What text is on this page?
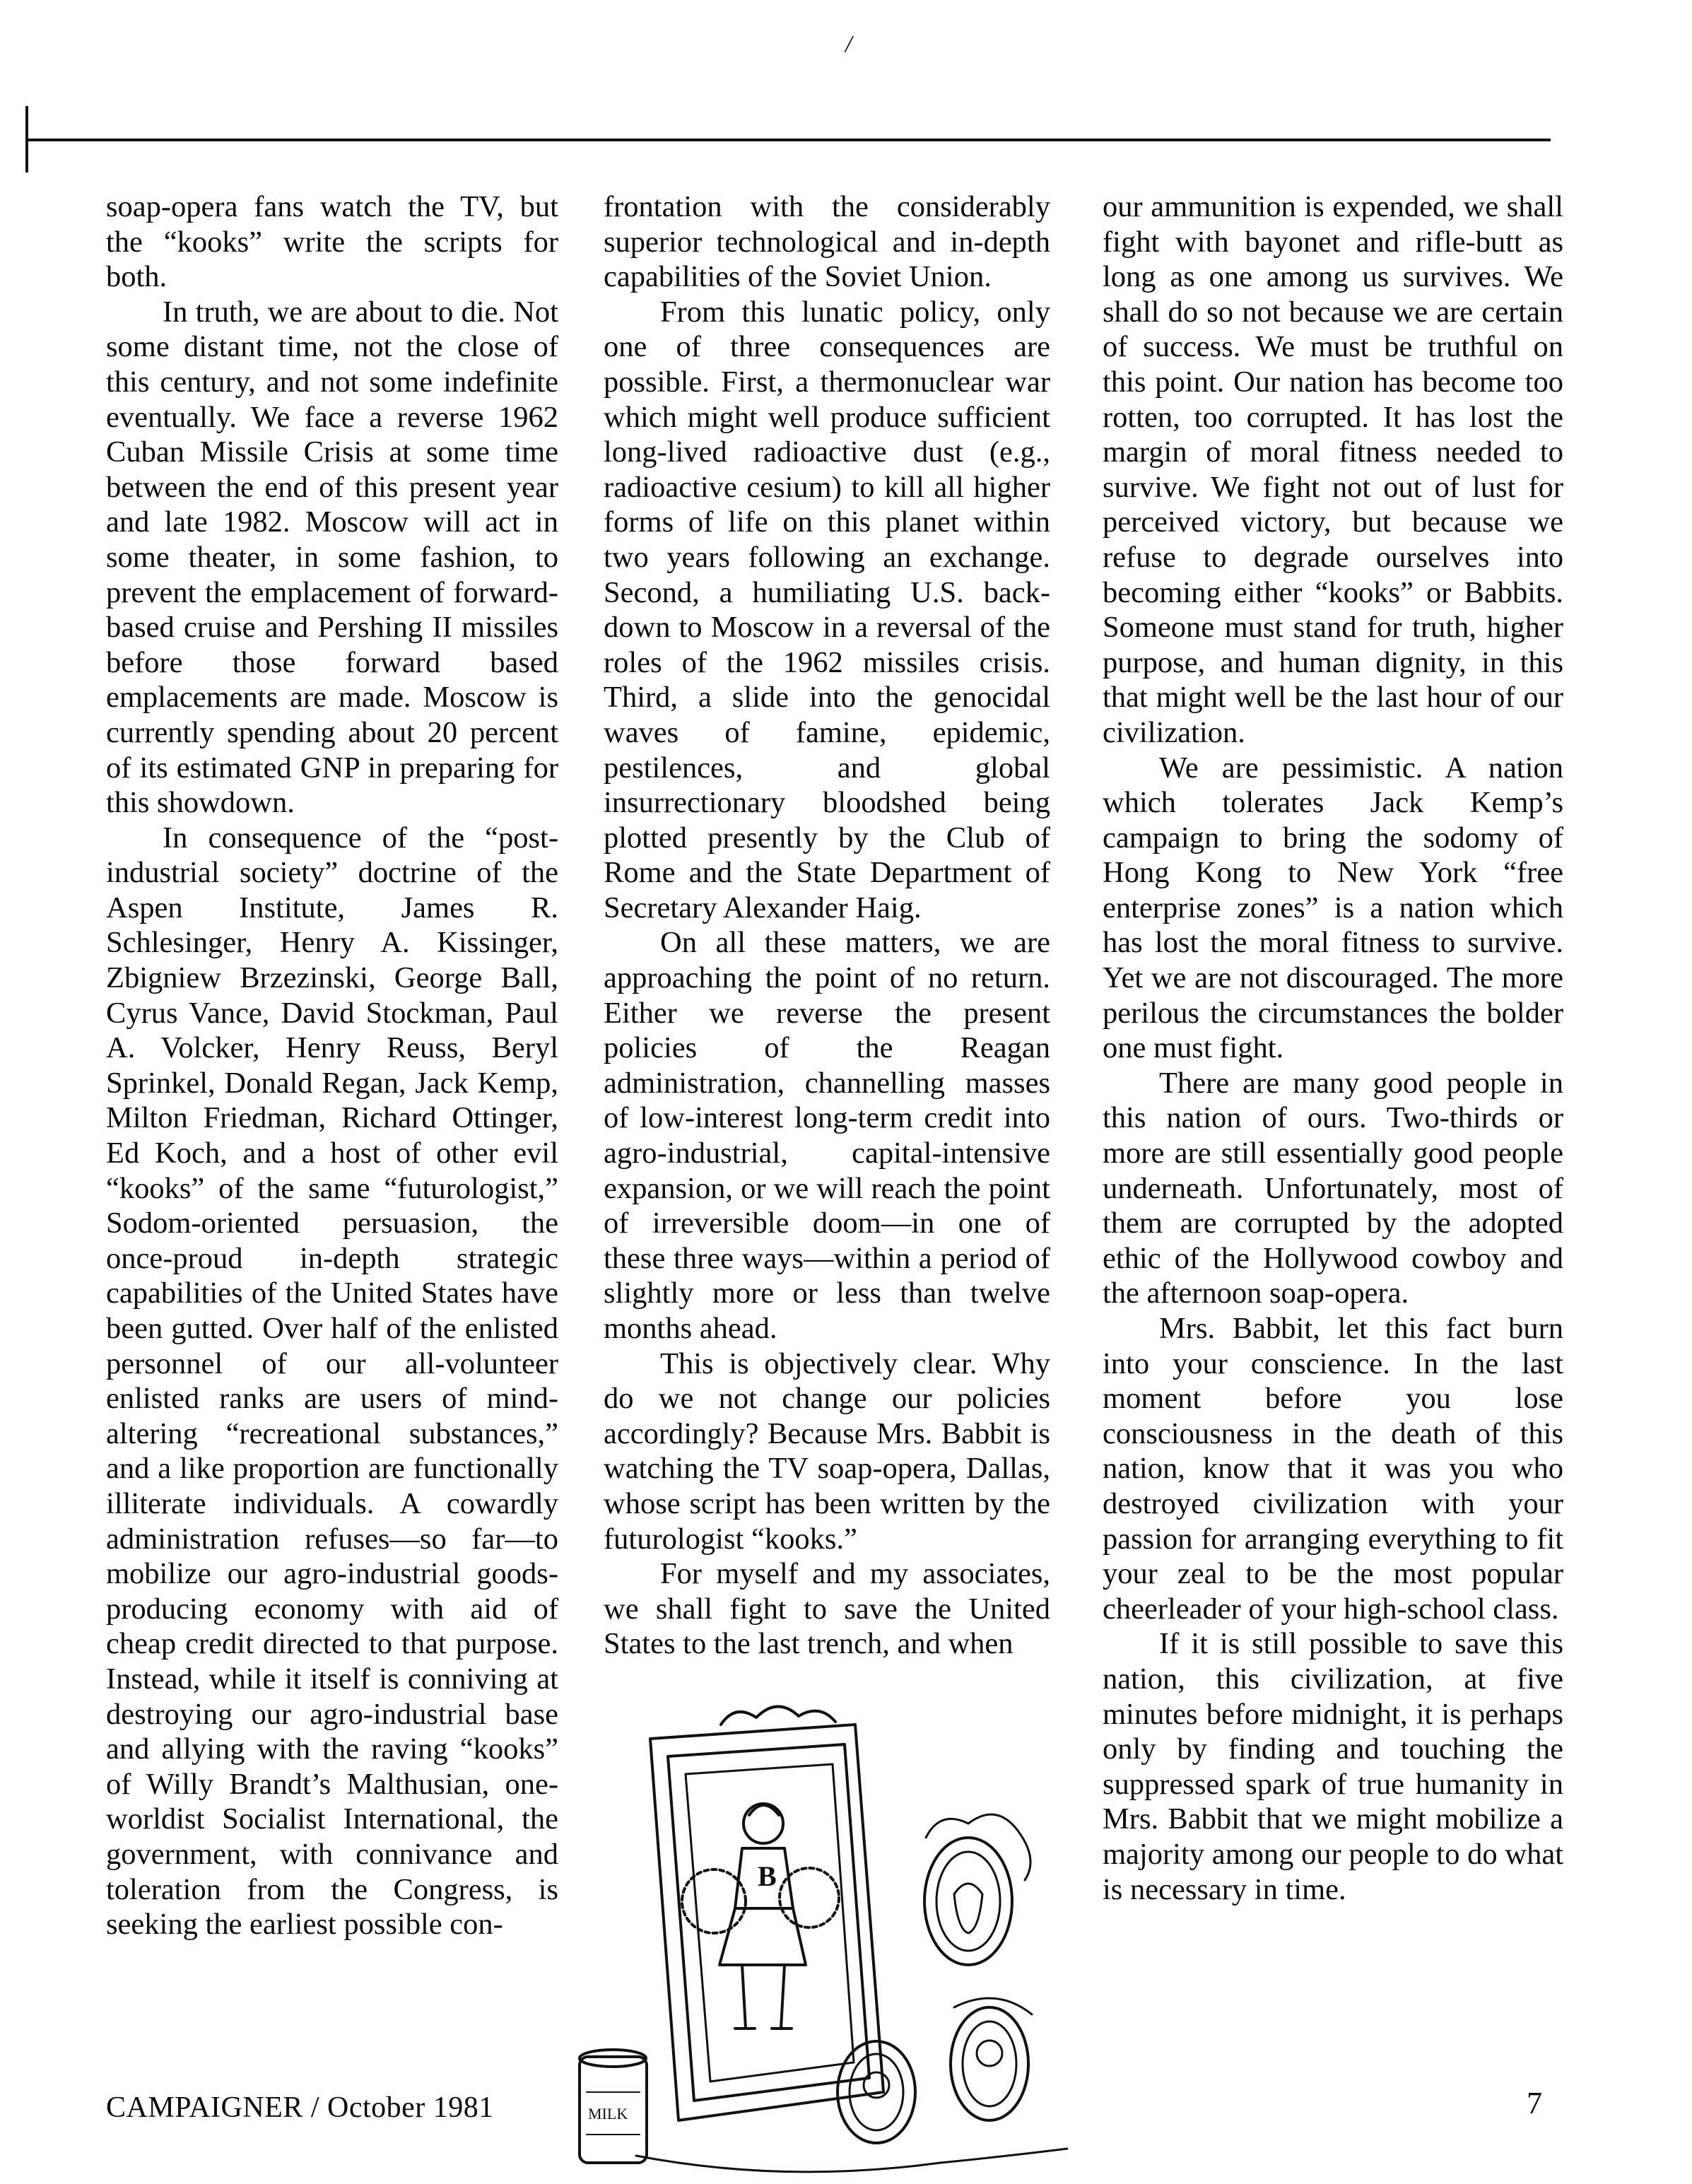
/

soap-opera fans watch the TV, but the “kooks” write the scripts for both.

In truth, we are about to die. Not some distant time, not the close of this century, and not some indefinite eventually. We face a reverse 1962 Cuban Missile Crisis at some time between the end of this present year and late 1982. Moscow will act in some theater, in some fashion, to prevent the emplacement of forward-based cruise and Pershing II missiles before those forward based emplacements are made. Moscow is currently spending about 20 percent of its estimated GNP in preparing for this showdown.

In consequence of the “post-industrial society” doctrine of the Aspen Institute, James R. Schlesinger, Henry A. Kissinger, Zbigniew Brzezinski, George Ball, Cyrus Vance, David Stockman, Paul A. Volcker, Henry Reuss, Beryl Sprinkel, Donald Regan, Jack Kemp, Milton Friedman, Richard Ottinger, Ed Koch, and a host of other evil “kooks” of the same “futurologist,” Sodom-oriented persuasion, the once-proud in-depth strategic capabilities of the United States have been gutted. Over half of the enlisted personnel of our all-volunteer enlisted ranks are users of mind-altering “recreational substances,” and a like proportion are functionally illiterate individuals. A cowardly administration refuses—so far—to mobilize our agro-industrial goods-producing economy with aid of cheap credit directed to that purpose. Instead, while it itself is conniving at destroying our agro-industrial base and allying with the raving “kooks” of Willy Brandt’s Malthusian, one-worldist Socialist International, the government, with connivance and toleration from the Congress, is seeking the earliest possible con-

frontation with the considerably superior technological and in-depth capabilities of the Soviet Union.

From this lunatic policy, only one of three consequences are possible. First, a thermonuclear war which might well produce sufficient long-lived radioactive dust (e.g., radioactive cesium) to kill all higher forms of life on this planet within two years following an exchange. Second, a humiliating U.S. back-down to Moscow in a reversal of the roles of the 1962 missiles crisis. Third, a slide into the genocidal waves of famine, epidemic, pestilences, and global insurrectionary bloodshed being plotted presently by the Club of Rome and the State Department of Secretary Alexander Haig.

On all these matters, we are approaching the point of no return. Either we reverse the present policies of the Reagan administration, channelling masses of low-interest long-term credit into agro-industrial, capital-intensive expansion, or we will reach the point of irreversible doom—in one of these three ways—within a period of slightly more or less than twelve months ahead.

This is objectively clear. Why do we not change our policies accordingly? Because Mrs. Babbit is watching the TV soap-opera, Dallas, whose script has been written by the futurologist “kooks.”

For myself and my associates, we shall fight to save the United States to the last trench, and when

our ammunition is expended, we shall fight with bayonet and rifle-butt as long as one among us survives. We shall do so not because we are certain of success. We must be truthful on this point. Our nation has become too rotten, too corrupted. It has lost the margin of moral fitness needed to survive. We fight not out of lust for perceived victory, but because we refuse to degrade ourselves into becoming either “kooks” or Babbits. Someone must stand for truth, higher purpose, and human dignity, in this that might well be the last hour of our civilization.

We are pessimistic. A nation which tolerates Jack Kemp’s campaign to bring the sodomy of Hong Kong to New York “free enterprise zones” is a nation which has lost the moral fitness to survive. Yet we are not discouraged. The more perilous the circumstances the bolder one must fight.

There are many good people in this nation of ours. Two-thirds or more are still essentially good people underneath. Unfortunately, most of them are corrupted by the adopted ethic of the Hollywood cowboy and the afternoon soap-opera.

Mrs. Babbit, let this fact burn into your conscience. In the last moment before you lose consciousness in the death of this nation, know that it was you who destroyed civilization with your passion for arranging everything to fit your zeal to be the most popular cheerleader of your high-school class.

If it is still possible to save this nation, this civilization, at five minutes before midnight, it is perhaps only by finding and touching the suppressed spark of true humanity in Mrs. Babbit that we might mobilize a majority among our people to do what is necessary in time.

B
MILK
CAMPAIGNER / October 1981	7
